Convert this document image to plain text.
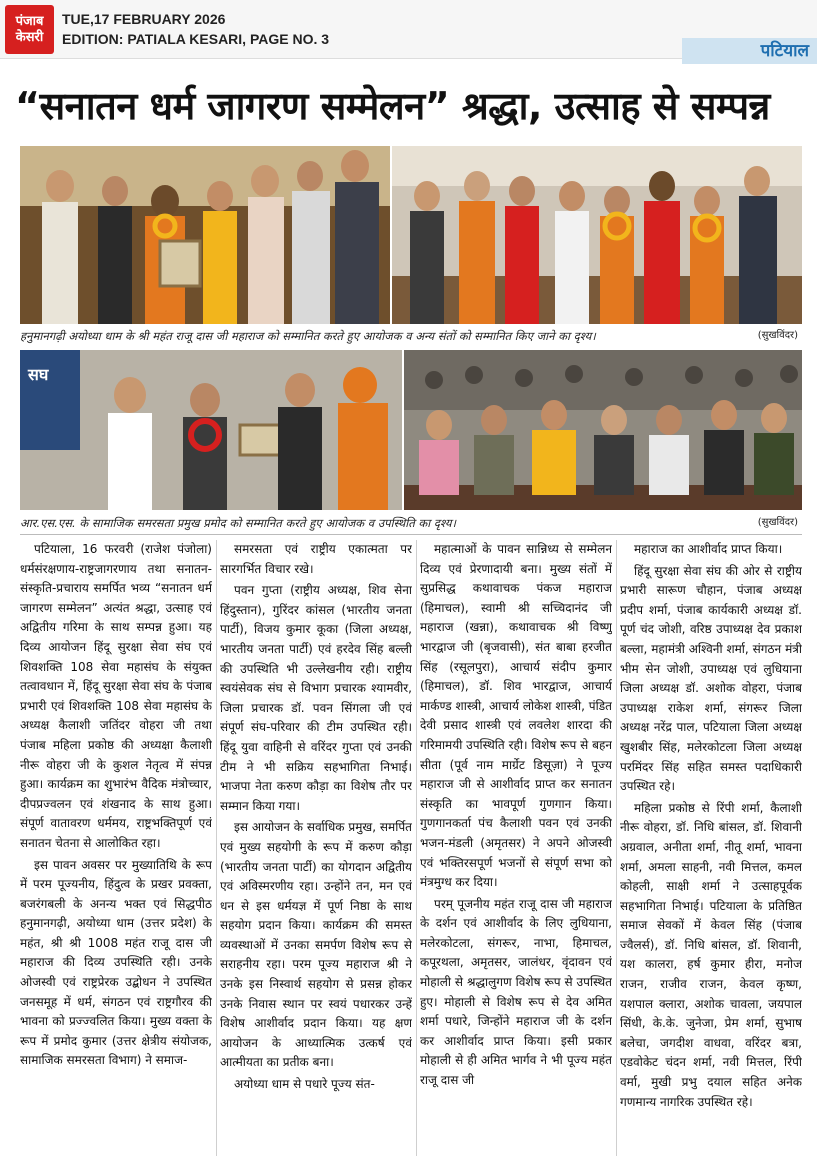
पंजाब
केसरी
TUE,17 FEBRUARY 2026
EDITION: PATIALA KESARI, PAGE NO. 3
पटियाल
“सनातन धर्म जागरण सम्मेलन” श्रद्धा, उत्साह से सम्पन्न
हनुमानगढ़ी अयोध्या धाम के श्री महंत राजू दास जी महाराज को सम्मानित करते हुए आयोजक व अन्य संतों को सम्मानित किए जाने का दृश्य।	(सुखविंदर)
सघ
आर.एस.एस. के सामाजिक समरसता प्रमुख प्रमोद को सम्मानित करते हुए आयोजक व उपस्थिति का दृश्य।	(सुखविंदर)

पटियाला, 16 फरवरी (राजेश पंजोला) धर्मसंरक्षणाय-राष्ट्रजागरणाय तथा सनातन-संस्कृति-प्रचाराय समर्पित भव्य “सनातन धर्म जागरण सम्मेलन” अत्यंत श्रद्धा, उत्साह एवं अद्वितीय गरिमा के साथ सम्पन्न हुआ। यह दिव्य आयोजन हिंदू सुरक्षा सेवा संघ एवं शिवशक्ति 108 सेवा महासंघ के संयुक्त तत्वावधान में, हिंदू सुरक्षा सेवा संघ के पंजाब प्रभारी एवं शिवशक्ति 108 सेवा महासंघ के अध्यक्ष कैलाशी जतिंदर वोहरा जी तथा पंजाब महिला प्रकोष्ठ की अध्यक्षा कैलाशी नीरू वोहरा जी के कुशल नेतृत्व में संपन्न हुआ। कार्यक्रम का शुभारंभ वैदिक मंत्रोच्चार, दीपप्रज्वलन एवं शंखनाद के साथ हुआ। संपूर्ण वातावरण धर्ममय, राष्ट्रभक्तिपूर्ण एवं सनातन चेतना से आलोकित रहा।

इस पावन अवसर पर मुख्यातिथि के रूप में परम पूज्यनीय, हिंदुत्व के प्रखर प्रवक्ता, बजरंगबली के अनन्य भक्त एवं सिद्धपीठ हनुमानगढ़ी, अयोध्या धाम (उत्तर प्रदेश) के महंत, श्री श्री 1008 महंत राजू दास जी महाराज की दिव्य उपस्थिति रही। उनके ओजस्वी एवं राष्ट्रप्रेरक उद्बोधन ने उपस्थित जनसमूह में धर्म, संगठन एवं राष्ट्रगौरव की भावना को प्रज्ज्वलित किया। मुख्य वक्ता के रूप में प्रमोद कुमार (उत्तर क्षेत्रीय संयोजक, सामाजिक समरसता विभाग) ने समाज-

समरसता एवं राष्ट्रीय एकात्मता पर सारगर्भित विचार रखे।

पवन गुप्ता (राष्ट्रीय अध्यक्ष, शिव सेना हिंदुस्तान), गुरिंदर कांसल (भारतीय जनता पार्टी), विजय कुमार कूका (जिला अध्यक्ष, भारतीय जनता पार्टी) एवं हरदेव सिंह बल्ली की उपस्थिति भी उल्लेखनीय रही। राष्ट्रीय स्वयंसेवक संघ से विभाग प्रचारक श्यामवीर, जिला प्रचारक डॉ. पवन सिंगला जी एवं संपूर्ण संघ-परिवार की टीम उपस्थित रही। हिंदू युवा वाहिनी से वरिंदर गुप्ता एवं उनकी टीम ने भी सक्रिय सहभागिता निभाई। भाजपा नेता करुण कौड़ा का विशेष तौर पर सम्मान किया गया।

इस आयोजन के सर्वाधिक प्रमुख, समर्पित एवं मुख्य सहयोगी के रूप में करुण कौड़ा (भारतीय जनता पार्टी) का योगदान अद्वितीय एवं अविस्मरणीय रहा। उन्होंने तन, मन एवं धन से इस धर्मयज्ञ में पूर्ण निष्ठा के साथ सहयोग प्रदान किया। कार्यक्रम की समस्त व्यवस्थाओं में उनका समर्पण विशेष रूप से सराहनीय रहा। परम पूज्य महाराज श्री ने उनके इस निस्वार्थ सहयोग से प्रसन्न होकर उनके निवास स्थान पर स्वयं पधारकर उन्हें विशेष आशीर्वाद प्रदान किया। यह क्षण आयोजन के आध्यात्मिक उत्कर्ष एवं आत्मीयता का प्रतीक बना।

अयोध्या धाम से पधारे पूज्य संत-

महात्माओं के पावन सान्निध्य से सम्मेलन दिव्य एवं प्रेरणादायी बना। मुख्य संतों में सुप्रसिद्ध कथावाचक पंकज महाराज (हिमाचल), स्वामी श्री सच्चिदानंद जी महाराज (खन्ना), कथावाचक श्री विष्णु भारद्वाज जी (बृजवासी), संत बाबा हरजीत सिंह (रसूलपुरा), आचार्य संदीप कुमार (हिमाचल), डॉ. शिव भारद्वाज, आचार्य मार्कण्ड शास्त्री, आचार्य लोकेश शास्त्री, पंडित देवी प्रसाद शास्त्री एवं लवलेश शारदा की गरिमामयी उपस्थिति रही। विशेष रूप से बहन सीता (पूर्व नाम मार्ग्रेट डिसूज़ा) ने पूज्य महाराज जी से आशीर्वाद प्राप्त कर सनातन संस्कृति का भावपूर्ण गुणगान किया। गुणगानकर्ता पंच कैलाशी पवन एवं उनकी भजन-मंडली (अमृतसर) ने अपने ओजस्वी एवं भक्तिरसपूर्ण भजनों से संपूर्ण सभा को मंत्रमुग्ध कर दिया।

परम् पूजनीय महंत राजू दास जी महाराज के दर्शन एवं आशीर्वाद के लिए लुधियाना, मलेरकोटला, संगरूर, नाभा, हिमाचल, कपूरथला, अमृतसर, जालंधर, वृंदावन एवं मोहाली से श्रद्धालुगण विशेष रूप से उपस्थित हुए। मोहाली से विशेष रूप से देव अमित शर्मा पधारे, जिन्होंने महाराज जी के दर्शन कर आशीर्वाद प्राप्त किया। इसी प्रकार मोहाली से ही अमित भार्गव ने भी पूज्य महंत राजू दास जी

महाराज का आशीर्वाद प्राप्त किया।

हिंदू सुरक्षा सेवा संघ की ओर से राष्ट्रीय प्रभारी सारूण चौहान, पंजाब अध्यक्ष प्रदीप शर्मा, पंजाब कार्यकारी अध्यक्ष डॉ. पूर्ण चंद जोशी, वरिष्ठ उपाध्यक्ष देव प्रकाश बल्ला, महामंत्री अश्विनी शर्मा, संगठन मंत्री भीम सेन जोशी, उपाध्यक्ष एवं लुधियाना जिला अध्यक्ष डॉ. अशोक वोहरा, पंजाब उपाध्यक्ष राकेश शर्मा, संगरूर जिला अध्यक्ष नरेंद्र पाल, पटियाला जिला अध्यक्ष खुशबीर सिंह, मलेरकोटला जिला अध्यक्ष परमिंदर सिंह सहित समस्त पदाधिकारी उपस्थित रहे।

महिला प्रकोष्ठ से रिंपी शर्मा, कैलाशी नीरू वोहरा, डॉ. निधि बांसल, डॉ. शिवानी अग्रवाल, अनीता शर्मा, नीतू शर्मा, भावना शर्मा, अमला साहनी, नवी मित्तल, कमल कोहली, साक्षी शर्मा ने उत्साहपूर्वक सहभागिता निभाई। पटियाला के प्रतिष्ठित समाज सेवकों में केवल सिंह (पंजाब ज्वैलर्स), डॉ. निधि बांसल, डॉ. शिवानी, यश कालरा, हर्ष कुमार हीरा, मनोज राजन, राजीव राजन, केवल कृष्ण, यशपाल क्लारा, अशोक चावला, जयपाल सिंधी, के.के. जुनेजा, प्रेम शर्मा, सुभाष बलेचा, जगदीश वाधवा, वरिंदर बत्रा, एडवोकेट चंदन शर्मा, नवी मित्तल, रिंपी वर्मा, मुखी प्रभु दयाल सहित अनेक गणमान्य नागरिक उपस्थित रहे।
